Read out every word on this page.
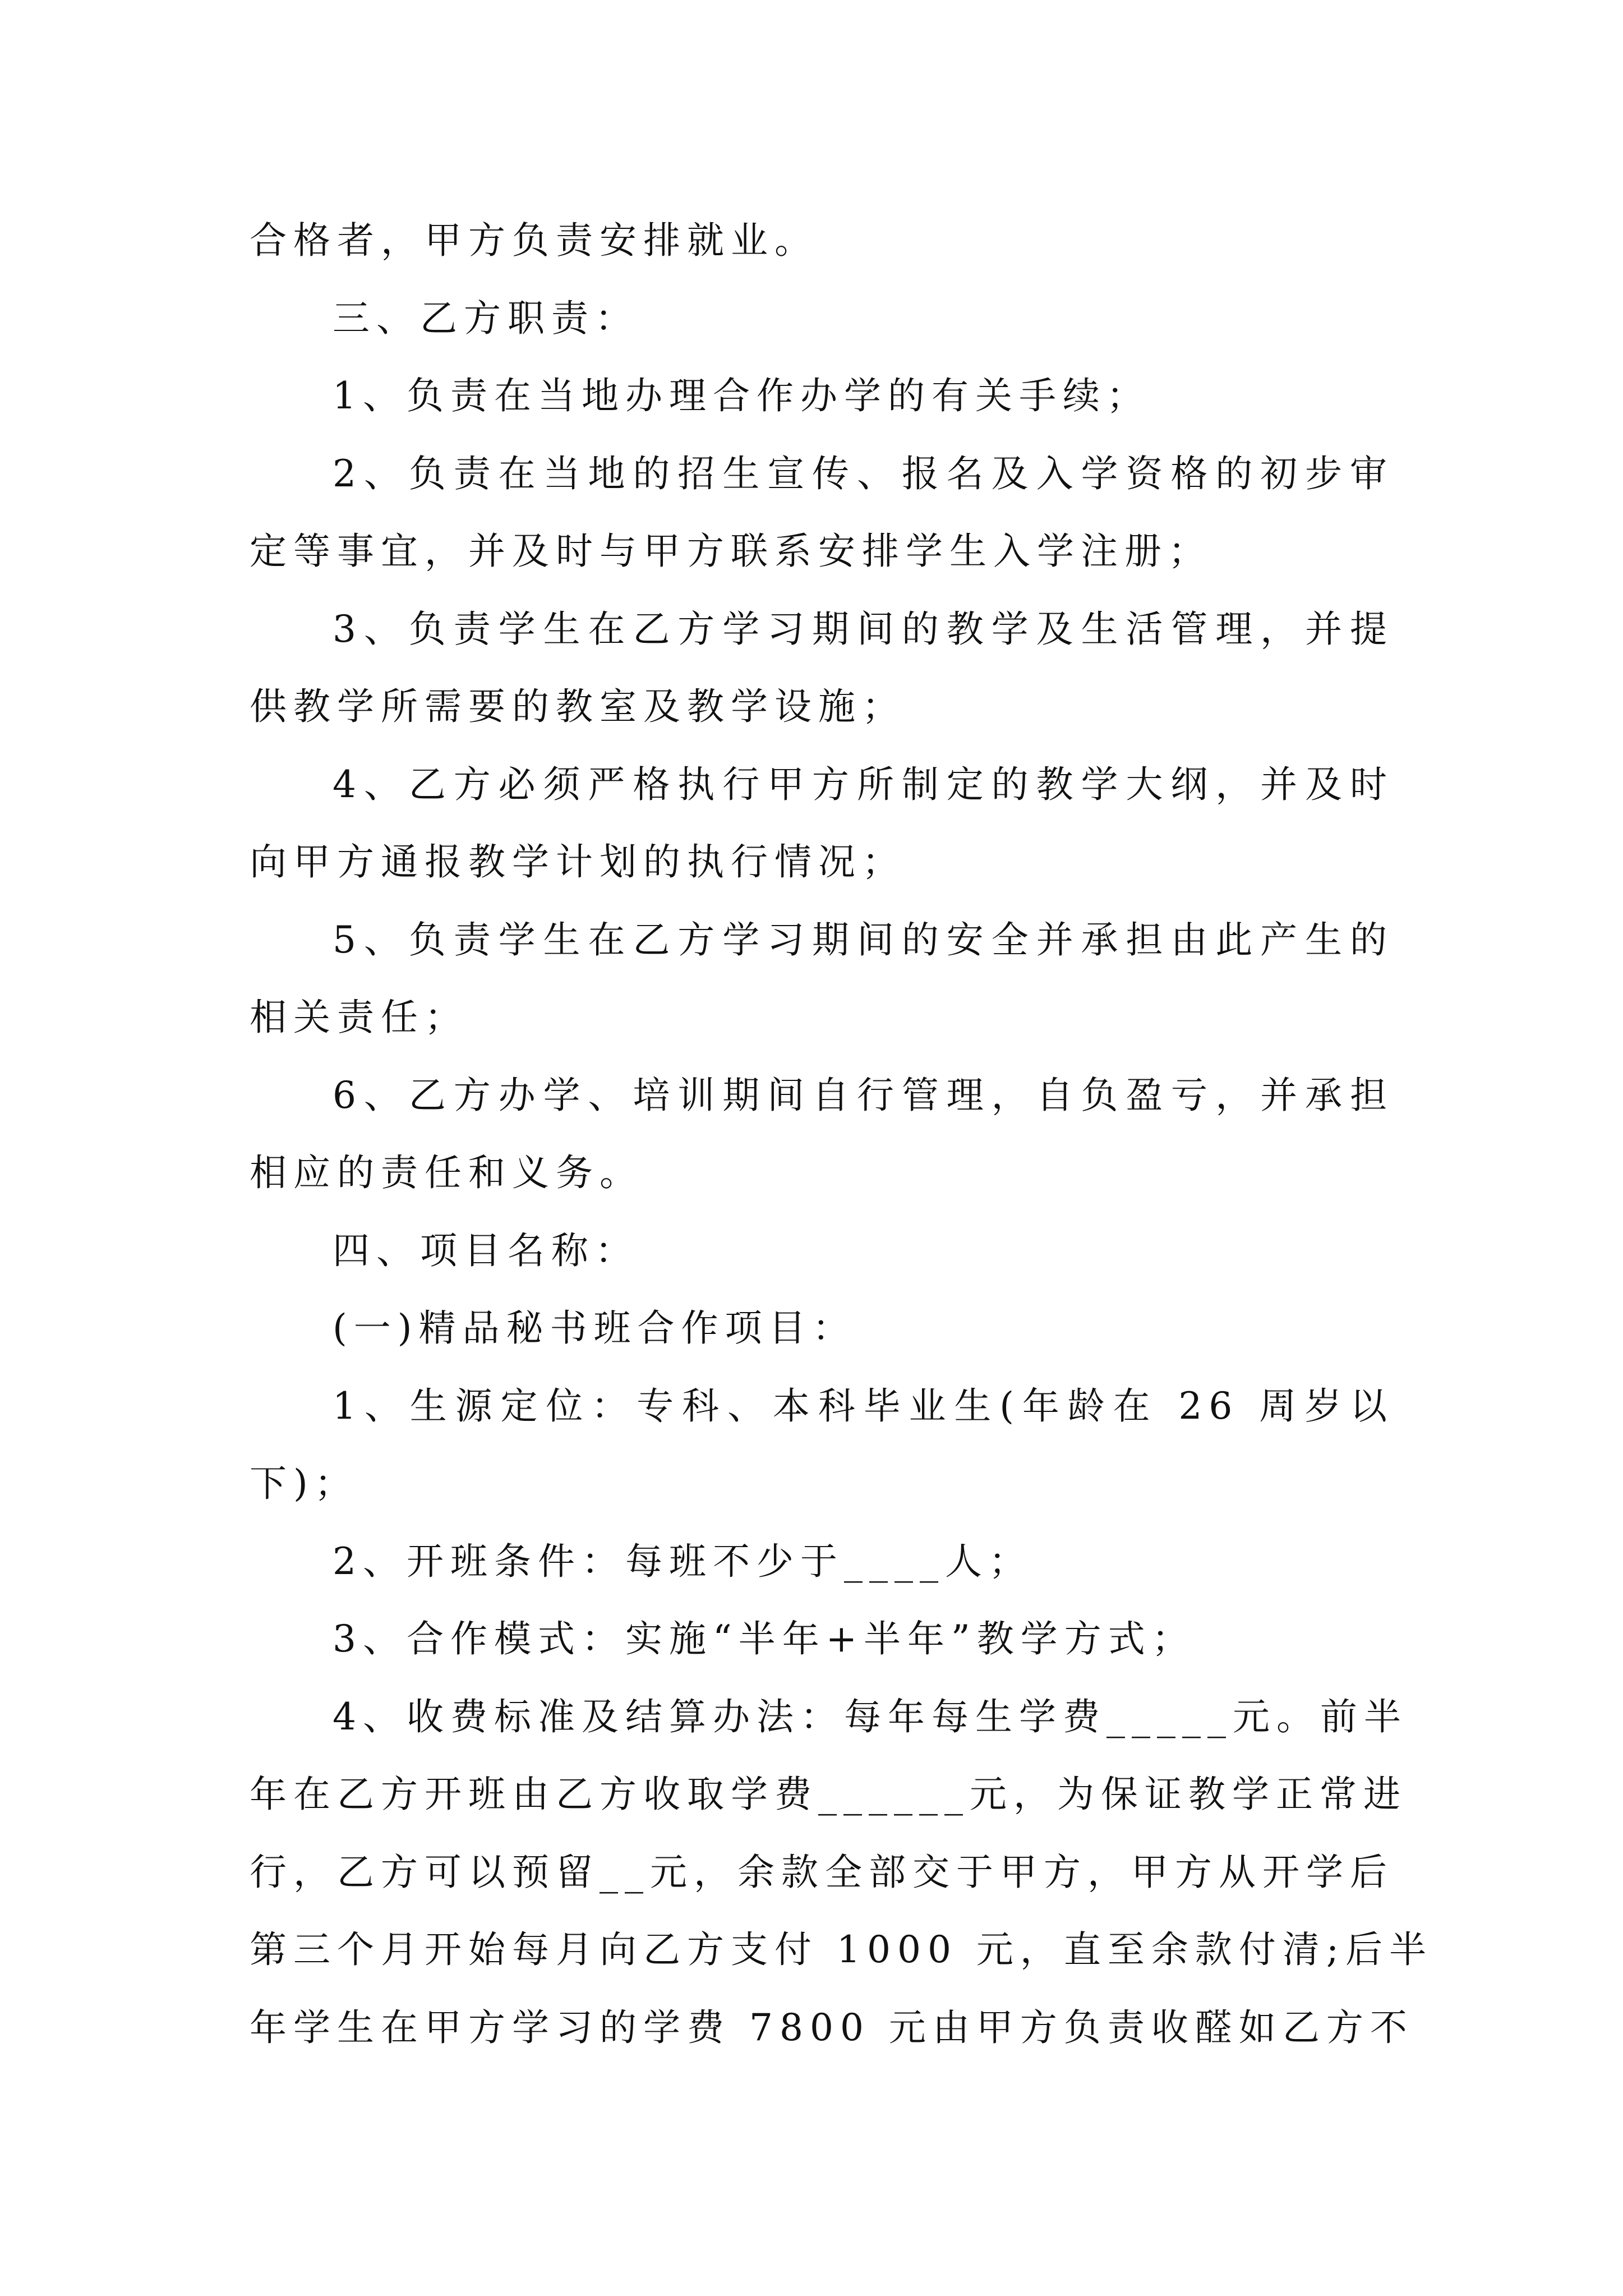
合格者，甲方负责安排就业。
三、乙方职责：
1、负责在当地办理合作办学的有关手续；
2、负责在当地的招生宣传、报名及入学资格的初步审
定等事宜，并及时与甲方联系安排学生入学注册；
3、负责学生在乙方学习期间的教学及生活管理，并提
供教学所需要的教室及教学设施；
4、乙方必须严格执行甲方所制定的教学大纲，并及时
向甲方通报教学计划的执行情况；
5、负责学生在乙方学习期间的安全并承担由此产生的
相关责任；
6、乙方办学、培训期间自行管理，自负盈亏，并承担
相应的责任和义务。
四、项目名称：
(一)精品秘书班合作项目：
1、生源定位：专科、本科毕业生(年龄在 26 周岁以
下)；
2、开班条件：每班不少于____人；
3、合作模式：实施“半年+半年”教学方式；
4、收费标准及结算办法：每年每生学费_____元。前半
年在乙方开班由乙方收取学费______元，为保证教学正常进
行，乙方可以预留__元，余款全部交于甲方，甲方从开学后
第三个月开始每月向乙方支付 1000 元，直至余款付清;后半
年学生在甲方学习的学费 7800 元由甲方负责收醛如乙方不
